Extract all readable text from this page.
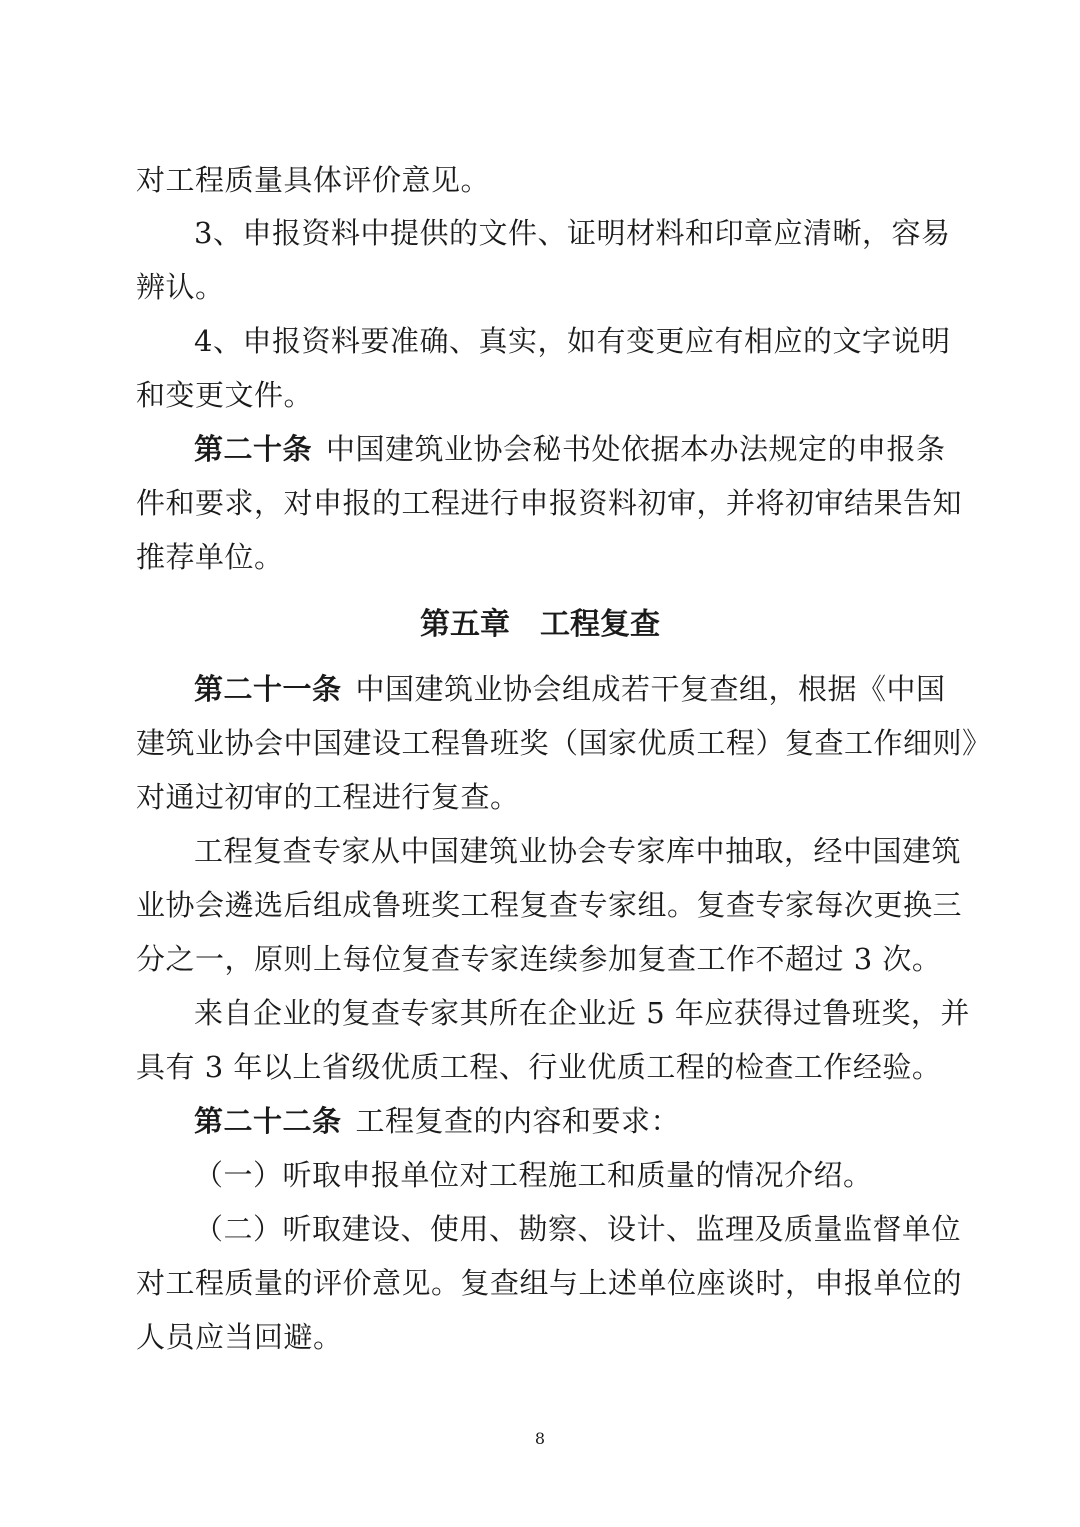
对工程质量具体评价意见。
3、申报资料中提供的文件、证明材料和印章应清晰，容易
辨认。
4、申报资料要准确、真实，如有变更应有相应的文字说明
和变更文件。
第二十条 中国建筑业协会秘书处依据本办法规定的申报条
件和要求，对申报的工程进行申报资料初审，并将初审结果告知
推荐单位。
第五章 工程复查
第二十一条 中国建筑业协会组成若干复查组，根据《中国
建筑业协会中国建设工程鲁班奖（国家优质工程）复查工作细则》
对通过初审的工程进行复查。
工程复查专家从中国建筑业协会专家库中抽取，经中国建筑
业协会遴选后组成鲁班奖工程复查专家组。复查专家每次更换三
分之一，原则上每位复查专家连续参加复查工作不超过 3 次。
来自企业的复查专家其所在企业近 5 年应获得过鲁班奖，并
具有 3 年以上省级优质工程、行业优质工程的检查工作经验。
第二十二条 工程复查的内容和要求：
（一）听取申报单位对工程施工和质量的情况介绍。
（二）听取建设、使用、勘察、设计、监理及质量监督单位
对工程质量的评价意见。复查组与上述单位座谈时，申报单位的
人员应当回避。
8
